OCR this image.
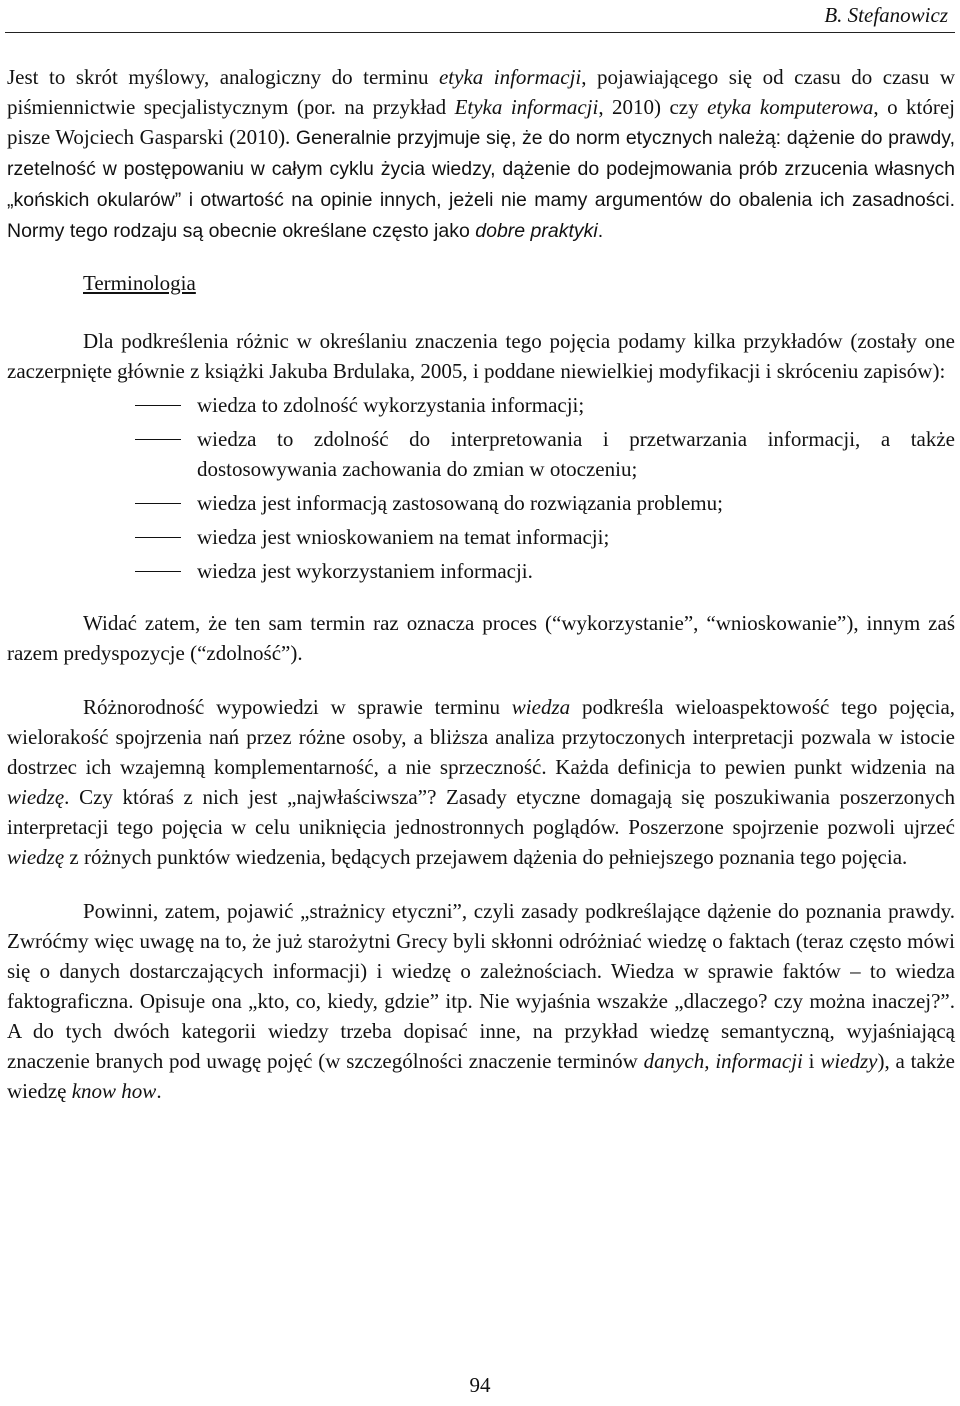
B. Stefanowicz

Jest to skrót myślowy, analogiczny do terminu etyka informacji, pojawiającego się od czasu do czasu w piśmiennictwie specjalistycznym (por. na przykład Etyka informacji, 2010) czy etyka komputerowa, o której pisze Wojciech Gasparski (2010). Generalnie przyjmuje się, że do norm etycznych należą: dążenie do prawdy, rzetelność w postępowaniu w całym cyklu życia wiedzy, dążenie do podejmowania prób zrzucenia własnych „końskich okularów” i otwartość na opinie innych, jeżeli nie mamy argumentów do obalenia ich zasadności. Normy tego rodzaju są obecnie określane często jako dobre praktyki.

Terminologia

Dla podkreślenia różnic w określaniu znaczenia tego pojęcia podamy kilka przykładów (zostały one zaczerpnięte głównie z książki Jakuba Brdulaka, 2005, i poddane niewielkiej modyfikacji i skróceniu zapisów):

wiedza to zdolność wykorzystania informacji;
wiedza to zdolność do interpretowania i przetwarzania informacji, a także dostosowywania zachowania do zmian w otoczeniu;
wiedza jest informacją zastosowaną do rozwiązania problemu;
wiedza jest wnioskowaniem na temat informacji;
wiedza jest wykorzystaniem informacji.

Widać zatem, że ten sam termin raz oznacza proces (“wykorzystanie”, “wnioskowanie”), innym zaś razem predyspozycje (“zdolność”).

Różnorodność wypowiedzi w sprawie terminu wiedza podkreśla wieloaspektowość tego pojęcia, wielorakość spojrzenia nań przez różne osoby, a bliższa analiza przytoczonych interpretacji pozwala w istocie dostrzec ich wzajemną komplementarność, a nie sprzeczność. Każda definicja to pewien punkt widzenia na wiedzę. Czy któraś z nich jest „najwłaściwsza”? Zasady etyczne domagają się poszukiwania poszerzonych interpretacji tego pojęcia w celu uniknięcia jednostronnych poglądów. Poszerzone spojrzenie pozwoli ujrzeć wiedzę z różnych punktów wiedzenia, będących przejawem dążenia do pełniejszego poznania tego pojęcia.

Powinni, zatem, pojawić „strażnicy etyczni”, czyli zasady podkreślające dążenie do poznania prawdy. Zwróćmy więc uwagę na to, że już starożytni Grecy byli skłonni odróżniać wiedzę o faktach (teraz często mówi się o danych dostarczających informacji) i wiedzę o zależnościach. Wiedza w sprawie faktów – to wiedza faktograficzna. Opisuje ona „kto, co, kiedy, gdzie” itp. Nie wyjaśnia wszakże „dlaczego? czy można inaczej?”. A do tych dwóch kategorii wiedzy trzeba dopisać inne, na przykład wiedzę semantyczną, wyjaśniającą znaczenie branych pod uwagę pojęć (w szczególności znaczenie terminów danych, informacji i wiedzy), a także wiedzę know how.

94
